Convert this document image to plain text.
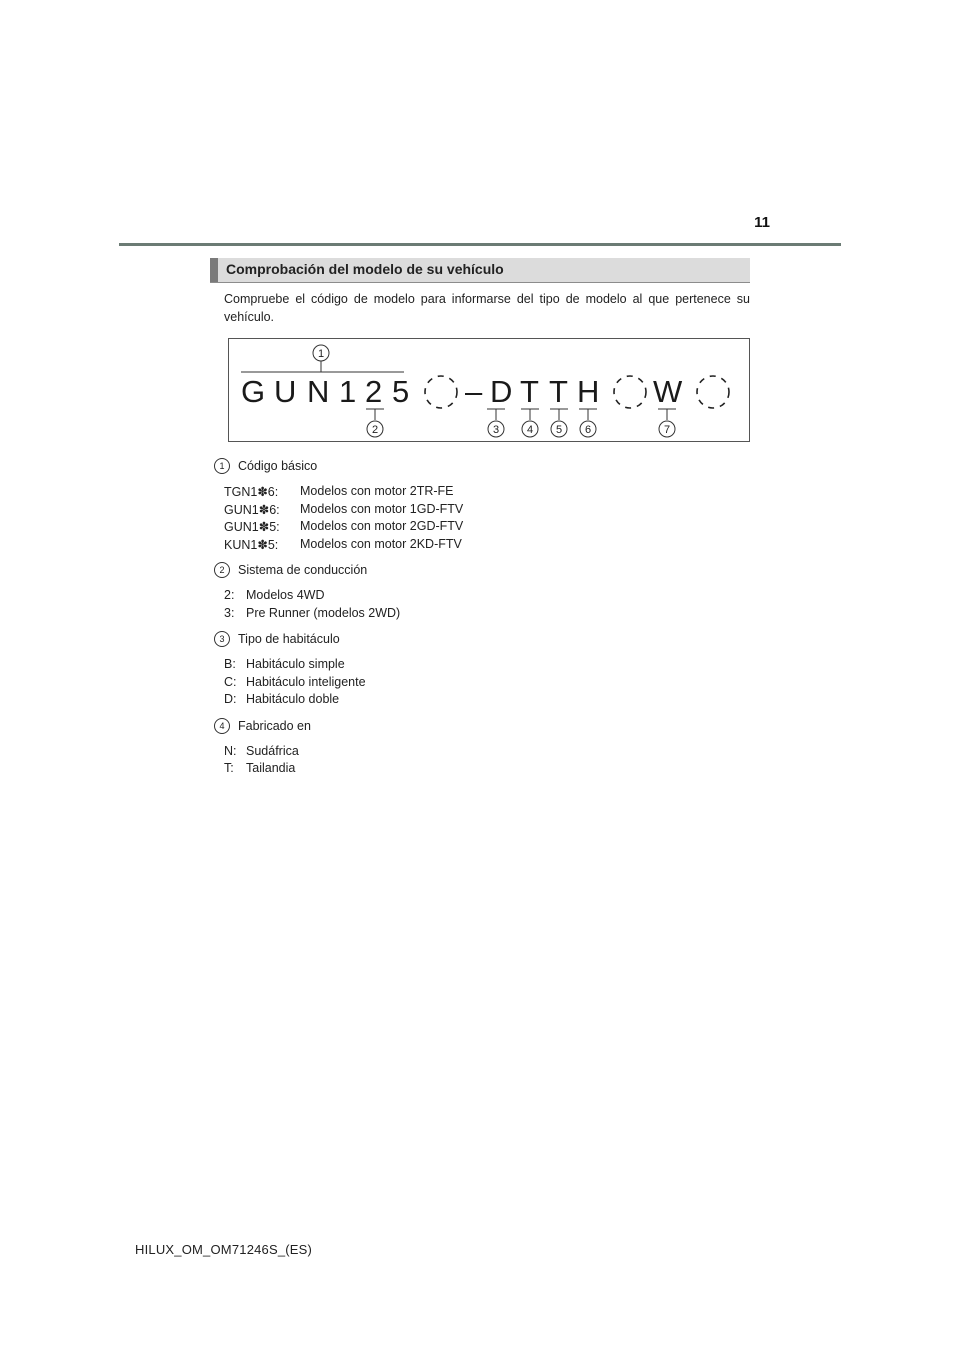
11
Comprobación del modelo de su vehículo
Compruebe el código de modelo para informarse del tipo de modelo al que pertenece su vehículo.
1
G U N 1 2 5 – D T T H W
2	3	4 5 6	7
1	Código básico
TGN1✽6: Modelos con motor 2TR-FE
GUN1✽6: Modelos con motor 1GD-FTV
GUN1✽5: Modelos con motor 2GD-FTV
KUN1✽5: Modelos con motor 2KD-FTV
2	Sistema de conducción
2: Modelos 4WD
3: Pre Runner (modelos 2WD)
3	Tipo de habitáculo
B: Habitáculo simple
C: Habitáculo inteligente
D: Habitáculo doble
4	Fabricado en
N: Sudáfrica
T: Tailandia
HILUX_OM_OM71246S_(ES)
